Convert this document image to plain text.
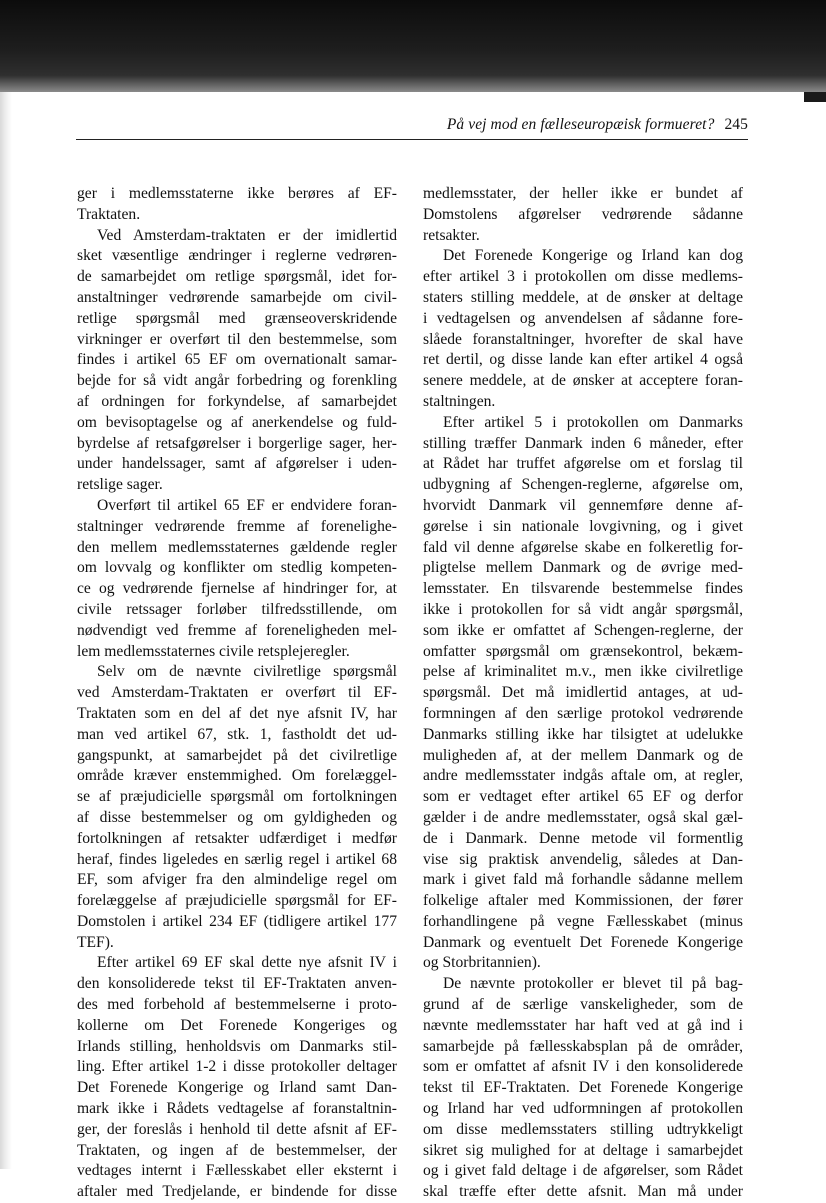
På vej mod en fælleseuropæisk formueret? 245
ger i medlemsstaterne ikke berøres af EF-
Traktaten.
Ved Amsterdam-traktaten er der imidlertid
sket væsentlige ændringer i reglerne vedrøren-
de samarbejdet om retlige spørgsmål, idet for-
anstaltninger vedrørende samarbejde om civil-
retlige spørgsmål med grænseoverskridende
virkninger er overført til den bestemmelse, som
findes i artikel 65 EF om overnationalt samar-
bejde for så vidt angår forbedring og forenkling
af ordningen for forkyndelse, af samarbejdet
om bevisoptagelse og af anerkendelse og fuld-
byrdelse af retsafgørelser i borgerlige sager, her-
under handelssager, samt af afgørelser i uden-
retslige sager.
Overført til artikel 65 EF er endvidere foran-
staltninger vedrørende fremme af forenelighe-
den mellem medlemsstaternes gældende regler
om lovvalg og konflikter om stedlig kompeten-
ce og vedrørende fjernelse af hindringer for, at
civile retssager forløber tilfredsstillende, om
nødvendigt ved fremme af foreneligheden mel-
lem medlemsstaternes civile retsplejeregler.
Selv om de nævnte civilretlige spørgsmål
ved Amsterdam-Traktaten er overført til EF-
Traktaten som en del af det nye afsnit IV, har
man ved artikel 67, stk. 1, fastholdt det ud-
gangspunkt, at samarbejdet på det civilretlige
område kræver enstemmighed. Om forelæggel-
se af præjudicielle spørgsmål om fortolkningen
af disse bestemmelser og om gyldigheden og
fortolkningen af retsakter udfærdiget i medfør
heraf, findes ligeledes en særlig regel i artikel 68
EF, som afviger fra den almindelige regel om
forelæggelse af præjudicielle spørgsmål for EF-
Domstolen i artikel 234 EF (tidligere artikel 177
TEF).
Efter artikel 69 EF skal dette nye afsnit IV i
den konsoliderede tekst til EF-Traktaten anven-
des med forbehold af bestemmelserne i proto-
kollerne om Det Forenede Kongeriges og
Irlands stilling, henholdsvis om Danmarks stil-
ling. Efter artikel 1-2 i disse protokoller deltager
Det Forenede Kongerige og Irland samt Dan-
mark ikke i Rådets vedtagelse af foranstaltnin-
ger, der foreslås i henhold til dette afsnit af EF-
Traktaten, og ingen af de bestemmelser, der
vedtages internt i Fællesskabet eller eksternt i
aftaler med Tredjelande, er bindende for disse
medlemsstater, der heller ikke er bundet af
Domstolens afgørelser vedrørende sådanne
retsakter.
Det Forenede Kongerige og Irland kan dog
efter artikel 3 i protokollen om disse medlems-
staters stilling meddele, at de ønsker at deltage
i vedtagelsen og anvendelsen af sådanne fore-
slåede foranstaltninger, hvorefter de skal have
ret dertil, og disse lande kan efter artikel 4 også
senere meddele, at de ønsker at acceptere foran-
staltningen.
Efter artikel 5 i protokollen om Danmarks
stilling træffer Danmark inden 6 måneder, efter
at Rådet har truffet afgørelse om et forslag til
udbygning af Schengen-reglerne, afgørelse om,
hvorvidt Danmark vil gennemføre denne af-
gørelse i sin nationale lovgivning, og i givet
fald vil denne afgørelse skabe en folkeretlig for-
pligtelse mellem Danmark og de øvrige med-
lemsstater. En tilsvarende bestemmelse findes
ikke i protokollen for så vidt angår spørgsmål,
som ikke er omfattet af Schengen-reglerne, der
omfatter spørgsmål om grænsekontrol, bekæm-
pelse af kriminalitet m.v., men ikke civilretlige
spørgsmål. Det må imidlertid antages, at ud-
formningen af den særlige protokol vedrørende
Danmarks stilling ikke har tilsigtet at udelukke
muligheden af, at der mellem Danmark og de
andre medlemsstater indgås aftale om, at regler,
som er vedtaget efter artikel 65 EF og derfor
gælder i de andre medlemsstater, også skal gæl-
de i Danmark. Denne metode vil formentlig
vise sig praktisk anvendelig, således at Dan-
mark i givet fald må forhandle sådanne mellem
folkelige aftaler med Kommissionen, der fører
forhandlingene på vegne Fællesskabet (minus
Danmark og eventuelt Det Forenede Kongerige
og Storbritannien).
De nævnte protokoller er blevet til på bag-
grund af de særlige vanskeligheder, som de
nævnte medlemsstater har haft ved at gå ind i
samarbejde på fællesskabsplan på de områder,
som er omfattet af afsnit IV i den konsoliderede
tekst til EF-Traktaten. Det Forenede Kongerige
og Irland har ved udformningen af protokollen
om disse medlemsstaters stilling udtrykkeligt
sikret sig mulighed for at deltage i samarbejdet
og i givet fald deltage i de afgørelser, som Rådet
skal træffe efter dette afsnit. Man må under
